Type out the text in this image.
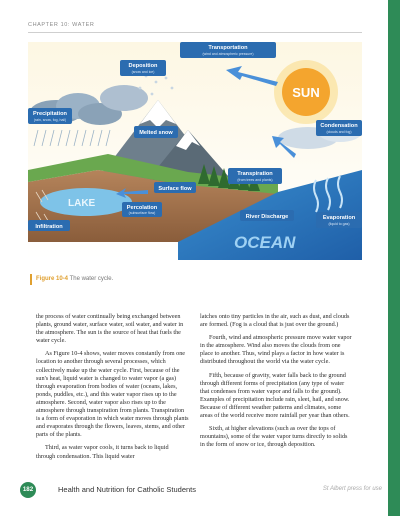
CHAPTER 10: WATER
SUN
LAKE
OCEAN
Transportation
(wind and atmospheric pressure)
Deposition
(snow and ice)
Precipitation
(rain, snow, fog, hail)
Melted snow
Condensation
(clouds and fog)
Transpiration
(from trees and plants)
Surface flow
Percolation
(subsurface flow)
River Discharge	Evaporation
(liquid to gas)
Infiltration
Figure 10-4 The water cycle.

the process of water continually being exchanged between plants, ground water, surface water, soil water, and water in the atmosphere. The sun is the source of heat that fuels the water cycle.

As Figure 10-4 shows, water moves constantly from one location to another through several processes, which collectively make up the water cycle. First, because of the sun's heat, liquid water is changed to water vapor (a gas) through evaporation from bodies of water (oceans, lakes, ponds, puddles, etc.), and this water vapor rises up to the atmosphere. Second, water vapor also rises up to the atmosphere through transpiration from plants. Transpiration is a form of evaporation in which water moves through plants and evaporates through the flowers, leaves, stems, and other parts of the plants.

Third, as water vapor cools, it turns back to liquid through condensation. This liquid water

latches onto tiny particles in the air, such as dust, and clouds are formed. (Fog is a cloud that is just over the ground.)

Fourth, wind and atmospheric pressure move water vapor in the atmosphere. Wind also moves the clouds from one place to another. Thus, wind plays a factor in how water is distributed throughout the world via the water cycle.

Fifth, because of gravity, water falls back to the ground through different forms of precipitation (any type of water that condenses from water vapor and falls to the ground). Examples of precipitation include rain, sleet, hail, and snow. Because of different weather patterns and climates, some areas of the world receive more rainfall per year than others.

Sixth, at higher elevations (such as over the tops of mountains), some of the water vapor turns directly to solids in the form of snow or ice, through deposition.

182	Health and Nutrition for Catholic Students	St Albert press for use
